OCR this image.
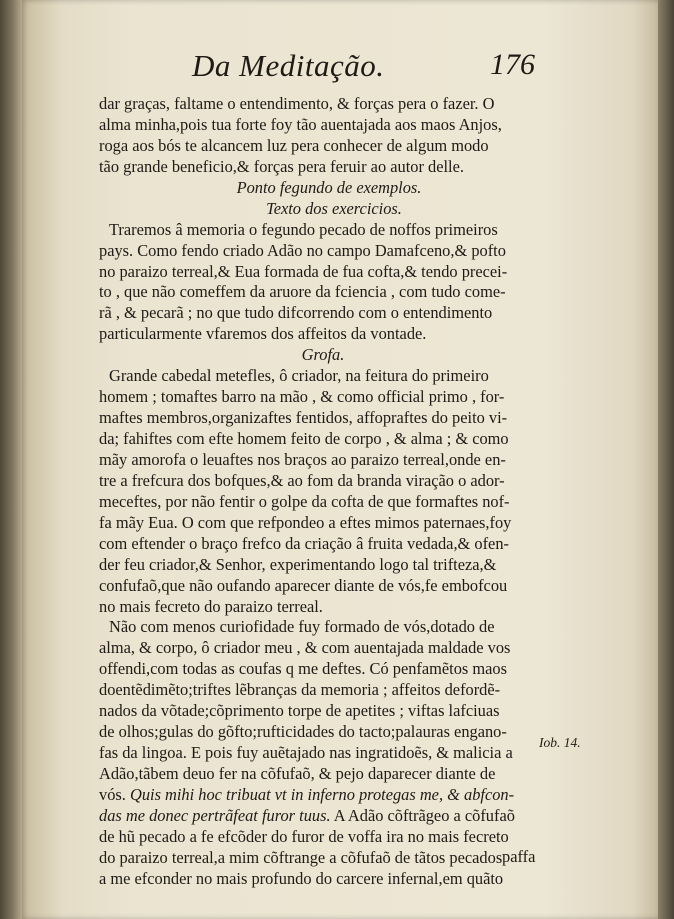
Da Meditação.	176
dar graças, faltame o entendimento, & forças pera o fazer. O
alma minha,pois tua forte foy tão auentajada aos maos Anjos,
roga aos bós te alcancem luz pera conhecer de algum modo
tão grande beneficio,& forças pera feruir ao autor delle.
Ponto fegundo de exemplos.
Texto dos exercicios.
Traremos â memoria o fegundo pecado de noffos primeiros
pays. Como fendo criado Adão no campo Damafceno,& pofto
no paraizo terreal,& Eua formada de fua cofta,& tendo precei-
to , que não comeffem da aruore da fciencia , com tudo come-
rã , & pecarã ; no que tudo difcorrendo com o entendimento
particularmente vfaremos dos affeitos da vontade.
Grofa.
Grande cabedal metefles, ô criador, na feitura do primeiro
homem ; tomaftes barro na mão , & como official primo , for-
maftes membros,organizaftes fentidos, affopraftes do peito vi-
da; fahiftes com efte homem feito de corpo , & alma ; & como
mãy amorofa o leuaftes nos braços ao paraizo terreal,onde en-
tre a frefcura dos bofques,& ao fom da branda viração o ador-
meceftes, por não fentir o golpe da cofta de que formaftes nof-
fa mãy Eua. O com que refpondeo a eftes mimos paternaes,foy
com eftender o braço frefco da criação â fruita vedada,& ofen-
der feu criador,& Senhor, experimentando logo tal trifteza,&
confufaõ,que não oufando aparecer diante de vós,fe embofcou
no mais fecreto do paraizo terreal.
Não com menos curiofidade fuy formado de vós,dotado de
alma, & corpo, ô criador meu , & com auentajada maldade vos
offendi,com todas as coufas q me deftes. Có penfamẽtos maos
doentẽdimẽto;triftes lẽbranças da memoria ; affeitos defordẽ-
nados da võtade;cõprimento torpe de apetites ; viftas lafciuas
de olhos;gulas do gõfto;rufticidades do tacto;palauras engano-
fas da lingoa. E pois fuy auẽtajado nas ingratidoẽs, & malicia a
Adão,tãbem deuo fer na cõfufaõ, & pejo daparecer diante de
vós. Quis mihi hoc tribuat vt in inferno protegas me, & abfcon-
das me donec pertrãfeat furor tuus. A Adão cõftrãgeo a cõfufaõ
de hũ pecado a fe efcõder do furor de voffa ira no mais fecreto
do paraizo terreal,a mim cõftrange a cõfufaõ de tãtos pecados
a me efconder no mais profundo do carcere infernal,em quãto
Iob. 14.
paffa
